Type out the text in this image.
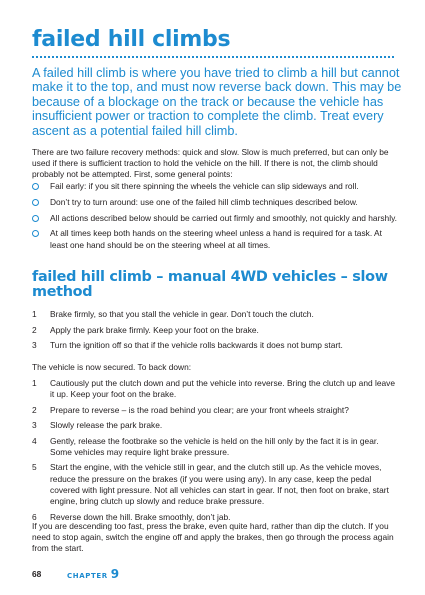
failed hill climbs

A failed hill climb is where you have tried to climb a hill but cannot make it to the top, and must now reverse back down. This may be because of a blockage on the track or because the vehicle has insufficient power or traction to complete the climb. Treat every ascent as a potential failed hill climb.

There are two failure recovery methods: quick and slow. Slow is much preferred, but can only be used if there is sufficient traction to hold the vehicle on the hill. If there is not, the climb should probably not be attempted. First, some general points:

Fail early: if you sit there spinning the wheels the vehicle can slip sideways and roll.
Don’t try to turn around: use one of the failed hill climb techniques described below.
All actions described below should be carried out firmly and smoothly, not quickly and harshly.
At all times keep both hands on the steering wheel unless a hand is required for a task. At least one hand should be on the steering wheel at all times.
failed hill climb – manual 4WD vehicles – slow method
1 Brake firmly, so that you stall the vehicle in gear. Don’t touch the clutch.
2 Apply the park brake firmly. Keep your foot on the brake.
3 Turn the ignition off so that if the vehicle rolls backwards it does not bump start.

The vehicle is now secured. To back down:

1 Cautiously put the clutch down and put the vehicle into reverse. Bring the clutch up and leave it up. Keep your foot on the brake.
2 Prepare to reverse – is the road behind you clear; are your front wheels straight?
3 Slowly release the park brake.
4 Gently, release the footbrake so the vehicle is held on the hill only by the fact it is in gear. Some vehicles may require light brake pressure.
5 Start the engine, with the vehicle still in gear, and the clutch still up. As the vehicle moves, reduce the pressure on the brakes (if you were using any). In any case, keep the pedal covered with light pressure. Not all vehicles can start in gear. If not, then foot on brake, start engine, bring clutch up slowly and reduce brake pressure.
6 Reverse down the hill. Brake smoothly, don’t jab.

If you are descending too fast, press the brake, even quite hard, rather than dip the clutch. If you need to stop again, switch the engine off and apply the brakes, then go through the process again from the start.

68	CHAPTER 9
